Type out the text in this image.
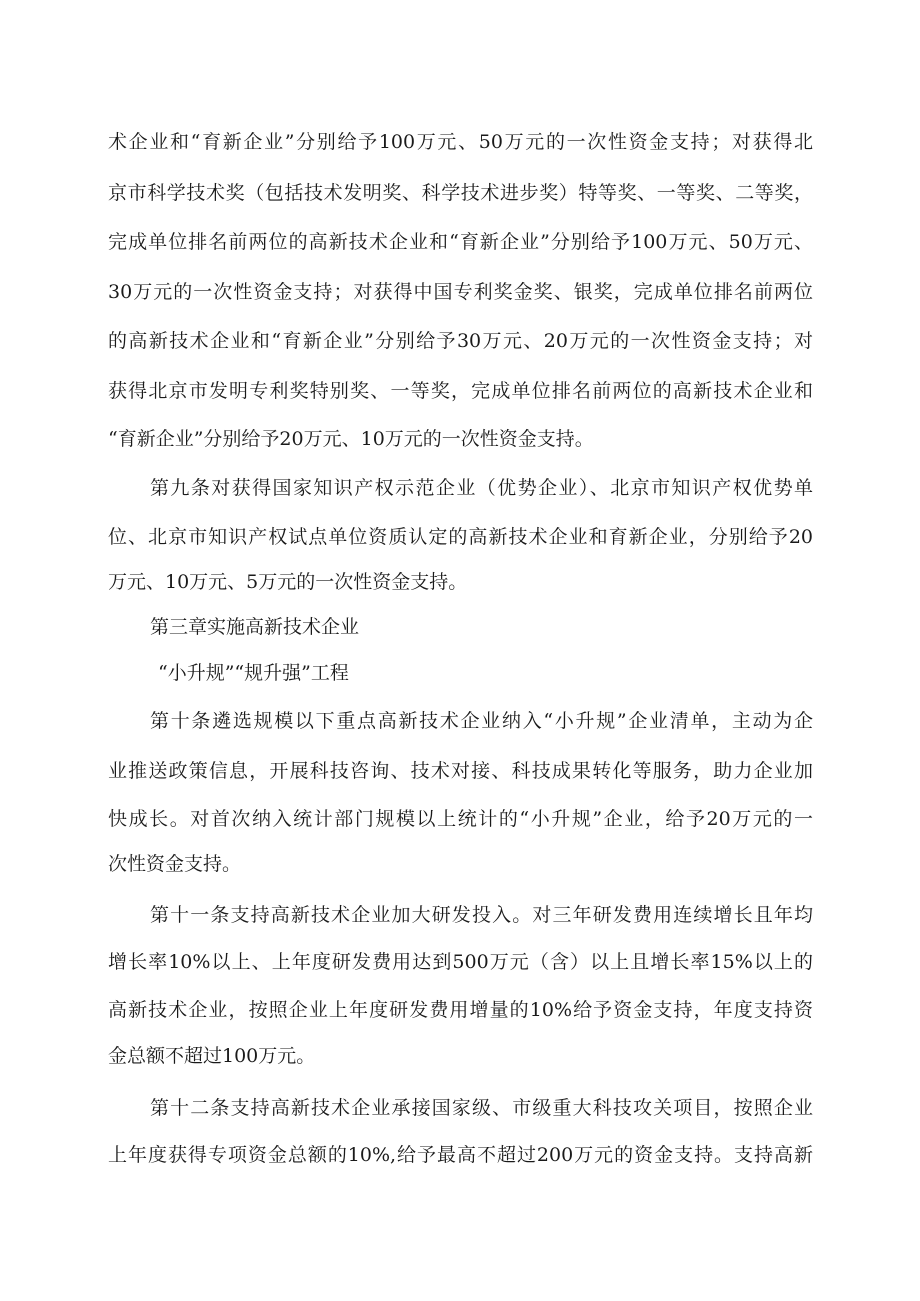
术企业和“育新企业”分别给予100万元、50万元的一次性资金支持；对获得北
京市科学技术奖（包括技术发明奖、科学技术进步奖）特等奖、一等奖、二等奖，
完成单位排名前两位的高新技术企业和“育新企业”分别给予100万元、50万元、
30万元的一次性资金支持；对获得中国专利奖金奖、银奖，完成单位排名前两位
的高新技术企业和“育新企业”分别给予30万元、20万元的一次性资金支持；对
获得北京市发明专利奖特别奖、一等奖，完成单位排名前两位的高新技术企业和
“育新企业”分别给予20万元、10万元的一次性资金支持。
第九条对获得国家知识产权示范企业（优势企业）、北京市知识产权优势单
位、北京市知识产权试点单位资质认定的高新技术企业和育新企业，分别给予20
万元、10万元、5万元的一次性资金支持。
第三章实施高新技术企业
“小升规”“规升强”工程
第十条遴选规模以下重点高新技术企业纳入“小升规”企业清单，主动为企
业推送政策信息，开展科技咨询、技术对接、科技成果转化等服务，助力企业加
快成长。对首次纳入统计部门规模以上统计的“小升规”企业，给予20万元的一
次性资金支持。
第十一条支持高新技术企业加大研发投入。对三年研发费用连续增长且年均
增长率10%以上、上年度研发费用达到500万元（含）以上且增长率15%以上的
高新技术企业，按照企业上年度研发费用增量的10%给予资金支持，年度支持资
金总额不超过100万元。
第十二条支持高新技术企业承接国家级、市级重大科技攻关项目，按照企业
上年度获得专项资金总额的10%,给予最高不超过200万元的资金支持。支持高新
